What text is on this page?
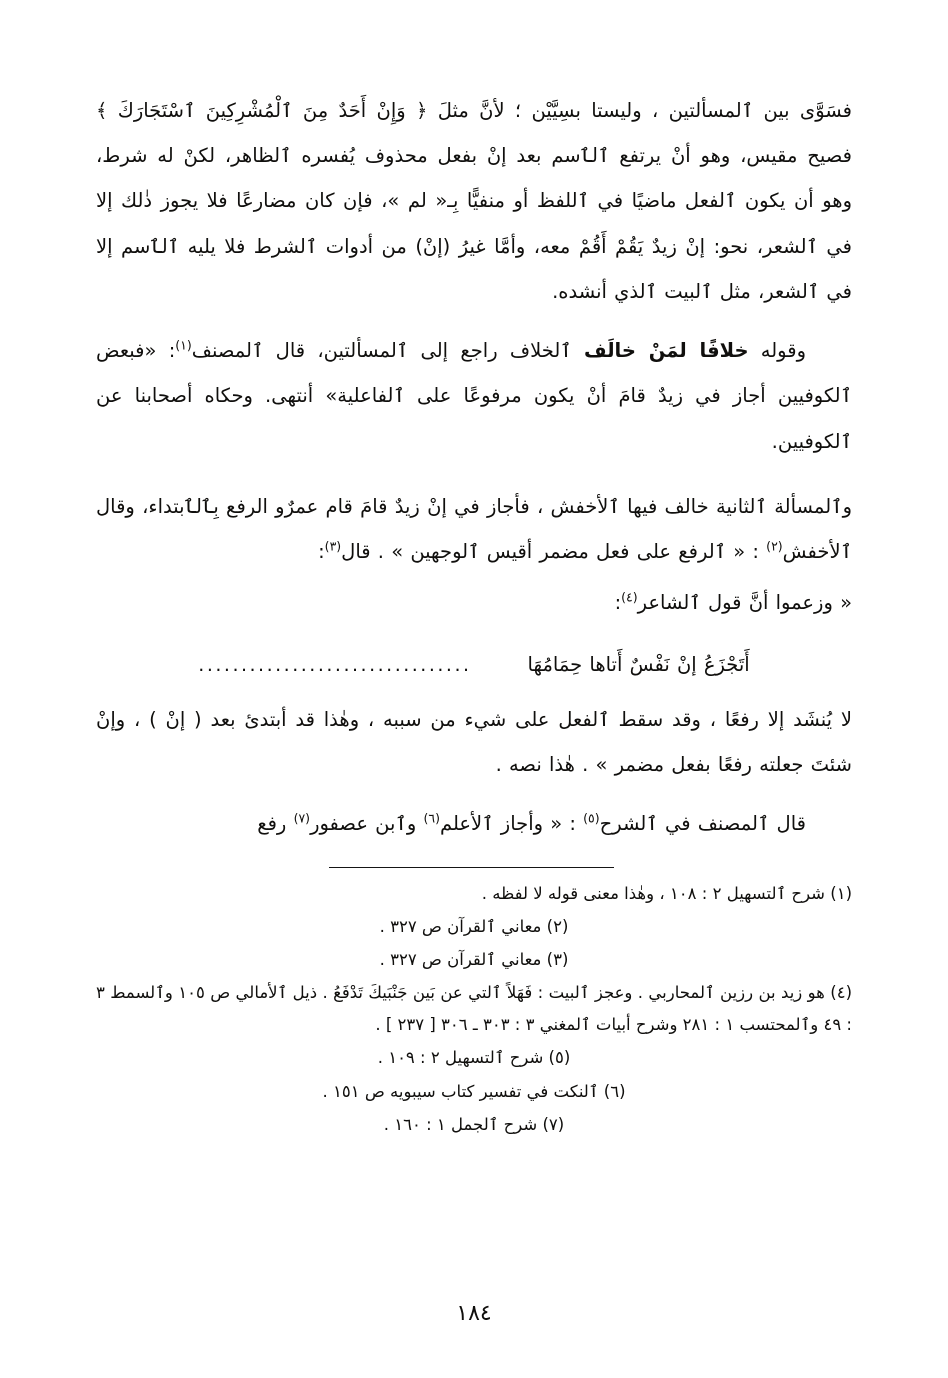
فسَوَّى بين ٱلمسألتين ، وليستا بسِيَّيْن ؛ لأنَّ مثلَ ﴿ وَإِنْ أَحَدٌ مِنَ ٱلْمُشْرِكِينَ ٱسْتَجَارَكَ ﴾ فصيح مقيس، وهو أنْ يرتفع ٱلٱسم بعد إنْ بفعل محذوف يُفسره ٱلظاهر، لكنْ له شرط، وهو أن يكون ٱلفعل ماضيًا في ٱللفظ أو منفيًّا بِـ« لم »، فإن كان مضارعًا فلا يجوز ذٰلك إلا في ٱلشعر، نحو: إنْ زيدٌ يَقُمْ أَقُمْ معه، وأمَّا غيرُ (إنْ) من أدوات ٱلشرط فلا يليه ٱلٱسم إلا في ٱلشعر، مثل ٱلبيت ٱلذي أنشده.

وقوله خلافًا لمَنْ خالَف ٱلخلاف راجع إلى ٱلمسألتين، قال ٱلمصنف$^{(١)}$: «فبعض ٱلكوفيين أجاز في زيدٌ قامَ أنْ يكون مرفوعًا على ٱلفاعلية» أنتهى. وحكاه أصحابنا عن ٱلكوفيين.

وٱلمسألة ٱلثانية خالف فيها ٱلأخفش ، فأجاز في إنْ زيدٌ قامَ قام عمرٌو الرفع بِٱلٱبتداء، وقال ٱلأخفش$^{(٢)}$ : « ٱلرفع على فعل مضمر أقيس ٱلوجهين » . قال$^{(٣)}$:

« وزعموا أنَّ قول ٱلشاعر$^{(٤)}$:

أَتَجْزَعُ إنْ نَفْسٌ أَتاها حِمَامُهَا
................................

لا يُنشَد إلا رفعًا ، وقد سقط ٱلفعل على شيء من سببه ، وهٰذا قد أبتدئ بعد ( إنْ ) ، وإنْ شئتَ جعلته رفعًا بفعل مضمر » . هٰذا نصه .

قال ٱلمصنف في ٱلشرح$^{(٥)}$ : « وأجاز ٱلأعلم$^{(٦)}$ وٱبن عصفور$^{(٧)}$ رفع

(١) شرح ٱلتسهيل ٢ : ١٠٨ ، وهٰذا معنى قوله لا لفظه .
(٢) معاني ٱلقرآن ص ٣٢٧ .
(٣) معاني ٱلقرآن ص ٣٢٧ .
(٤) هو زيد بن رزين ٱلمحاربي . وعجز ٱلبيت : فَهَلاً ٱلتي عن بَين جَنْبَيكَ تَدْفَعُ . ذيل ٱلأمالي ص ١٠٥ وٱلسمط ٣ : ٤٩ وٱلمحتسب ١ : ٢٨١ وشرح أبيات ٱلمغني ٣ : ٣٠٣ ـ ٣٠٦ [ ٢٣٧ ] .
(٥) شرح ٱلتسهيل ٢ : ١٠٩ .
(٦) ٱلنكت في تفسير كتاب سيبويه ص ١٥١ .
(٧) شرح ٱلجمل ١ : ١٦٠ .
١٨٤
